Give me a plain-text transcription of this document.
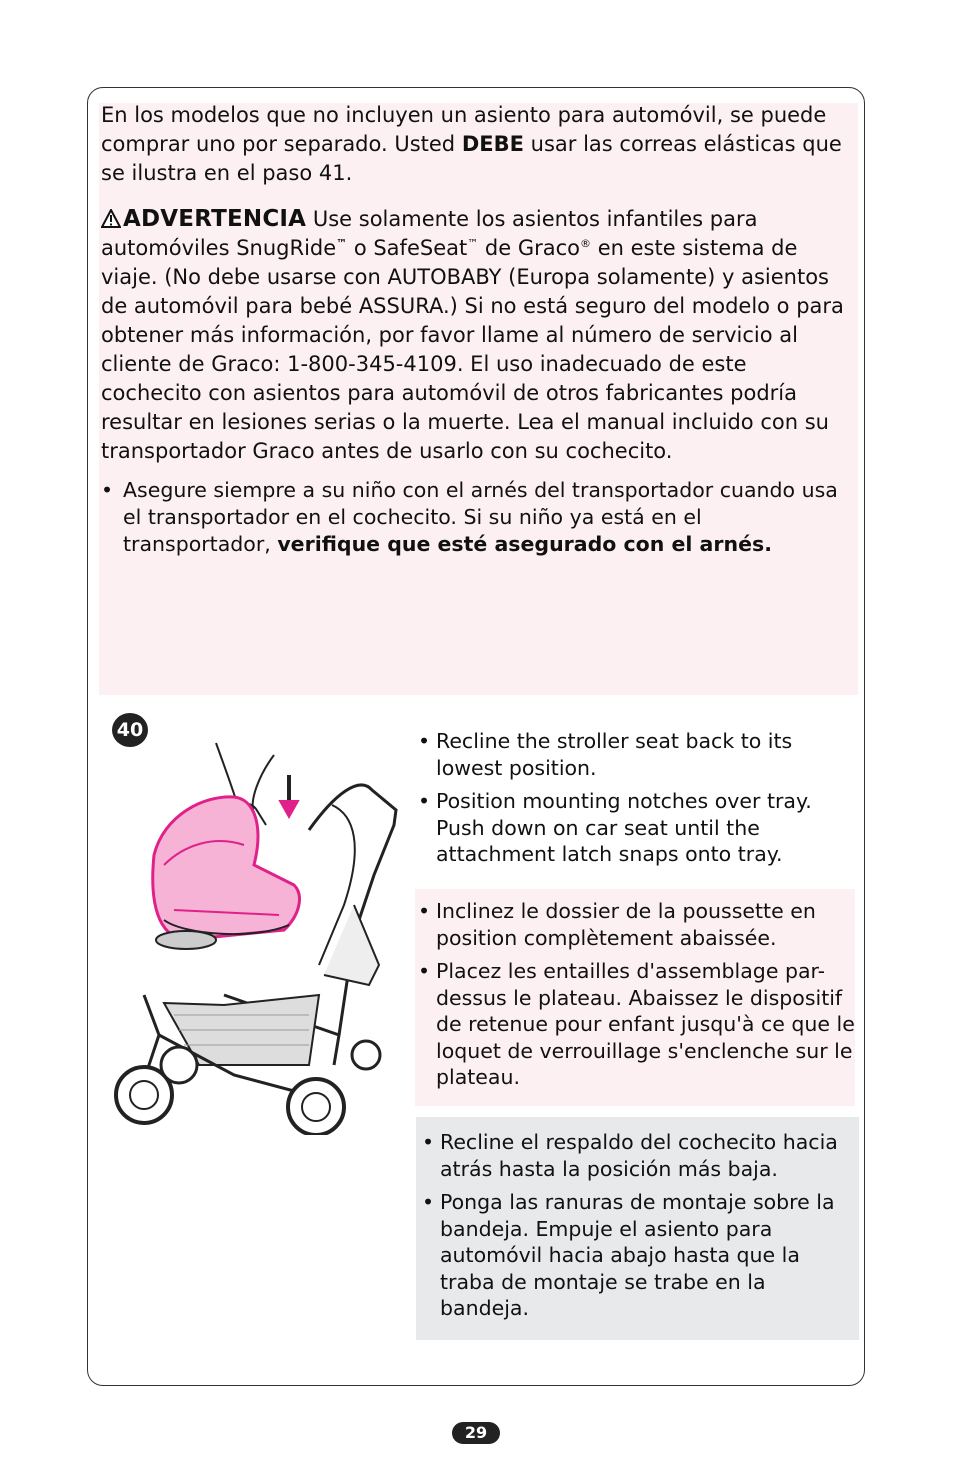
En los modelos que no incluyen un asiento para automóvil, se puede comprar uno por separado. Usted DEBE usar las correas elásticas que se ilustra en el paso 41.

ADVERTENCIA Use solamente los asientos infantiles para automóviles SnugRide™ o SafeSeat™ de Graco® en este sistema de viaje. (No debe usarse con AUTOBABY (Europa solamente) y asientos de automóvil para bebé ASSURA.) Si no está seguro del modelo o para obtener más información, por favor llame al número de servicio al cliente de Graco: 1-800-345-4109. El uso inadecuado de este cochecito con asientos para automóvil de otros fabricantes podría resultar en lesiones serias o la muerte. Lea el manual incluido con su transportador Graco antes de usarlo con su cochecito.

• Asegure siempre a su niño con el arnés del transportador cuando usa el transportador en el cochecito. Si su niño ya está en el transportador, verifique que esté asegurado con el arnés.
40	• Recline the stroller seat back to its lowest position.
• Position mounting notches over tray. Push down on car seat until the attachment latch snaps onto tray.
• Inclinez le dossier de la poussette en position complètement abaissée.
• Placez les entailles d'assemblage par-dessus le plateau. Abaissez le dispositif de retenue pour enfant jusqu'à ce que le loquet de verrouillage s'enclenche sur le plateau.
• Recline el respaldo del cochecito hacia atrás hasta la posición más baja.
• Ponga las ranuras de montaje sobre la bandeja. Empuje el asiento para automóvil hacia abajo hasta que la traba de montaje se trabe en la bandeja.
29
